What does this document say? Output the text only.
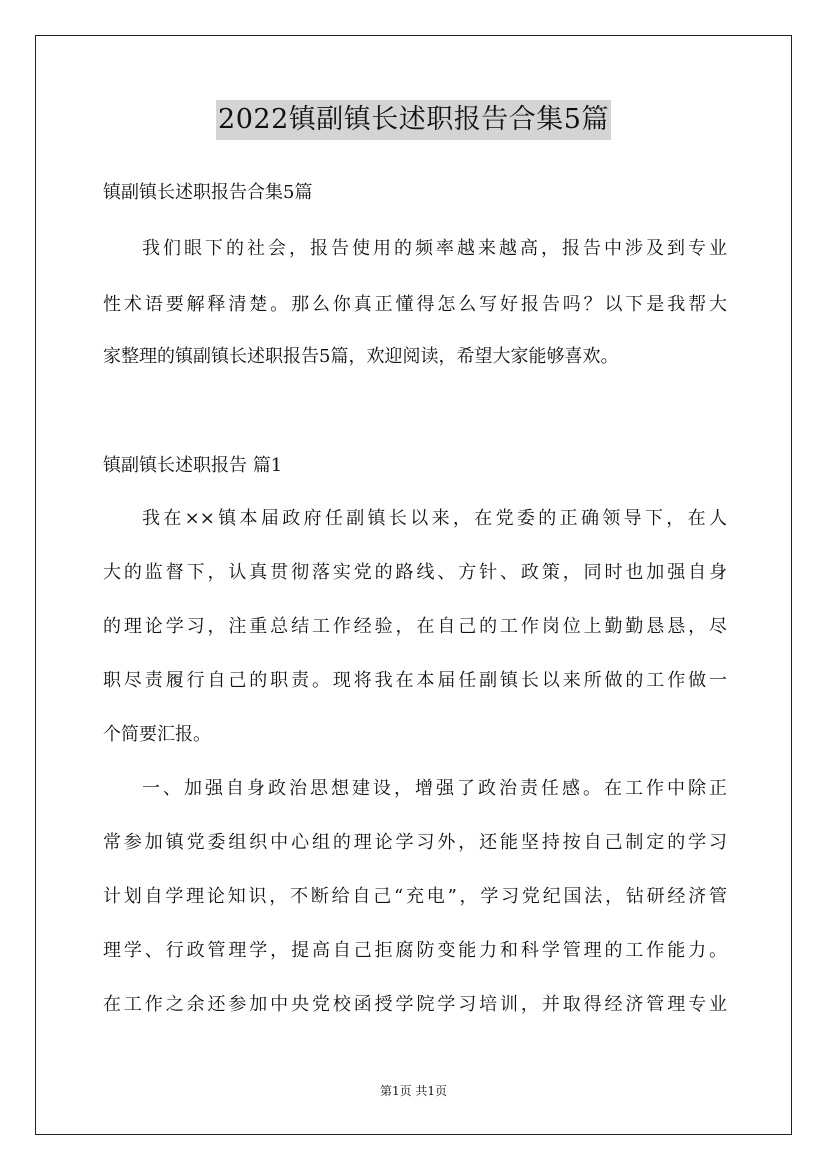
2022镇副镇长述职报告合集5篇

镇副镇长述职报告合集5篇

我们眼下的社会，报告使用的频率越来越高，报告中涉及到专业

性术语要解释清楚。那么你真正懂得怎么写好报告吗？以下是我帮大

家整理的镇副镇长述职报告5篇，欢迎阅读，希望大家能够喜欢。

镇副镇长述职报告 篇1

我在××镇本届政府任副镇长以来，在党委的正确领导下，在人

大的监督下，认真贯彻落实党的路线、方针、政策，同时也加强自身

的理论学习，注重总结工作经验，在自己的工作岗位上勤勤恳恳，尽

职尽责履行自己的职责。现将我在本届任副镇长以来所做的工作做一

个简要汇报。

一、加强自身政治思想建设，增强了政治责任感。在工作中除正

常参加镇党委组织中心组的理论学习外，还能坚持按自己制定的学习

计划自学理论知识，不断给自己“充电”，学习党纪国法，钻研经济管

理学、行政管理学，提高自己拒腐防变能力和科学管理的工作能力。

在工作之余还参加中央党校函授学院学习培训，并取得经济管理专业

第1页 共1页
